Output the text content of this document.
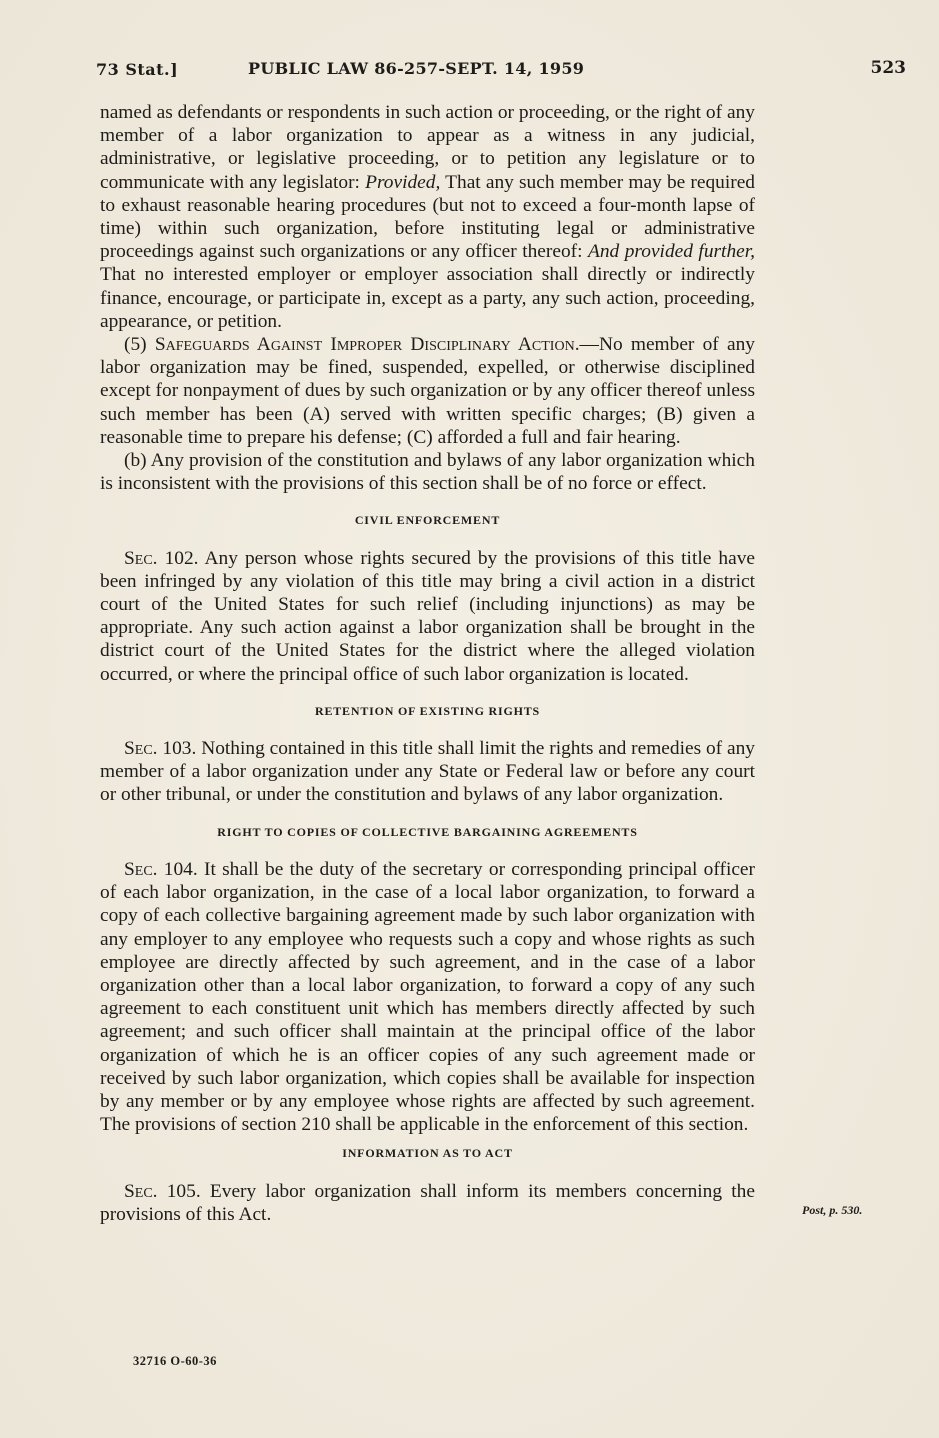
73 Stat.]	PUBLIC LAW 86-257-SEPT. 14, 1959	523

named as defendants or respondents in such action or proceeding, or the right of any member of a labor organization to appear as a witness in any judicial, administrative, or legislative proceeding, or to petition any legislature or to communicate with any legislator: Provided, That any such member may be required to exhaust reasonable hearing procedures (but not to exceed a four-month lapse of time) within such organization, before instituting legal or administrative proceedings against such organizations or any officer thereof: And provided further, That no interested employer or employer association shall directly or indirectly finance, encourage, or participate in, except as a party, any such action, proceeding, appearance, or petition.

(5) Safeguards Against Improper Disciplinary Action.—No member of any labor organization may be fined, suspended, expelled, or otherwise disciplined except for nonpayment of dues by such organization or by any officer thereof unless such member has been (A) served with written specific charges; (B) given a reasonable time to prepare his defense; (C) afforded a full and fair hearing.

(b) Any provision of the constitution and bylaws of any labor organization which is inconsistent with the provisions of this section shall be of no force or effect.

CIVIL ENFORCEMENT

Sec. 102. Any person whose rights secured by the provisions of this title have been infringed by any violation of this title may bring a civil action in a district court of the United States for such relief (including injunctions) as may be appropriate. Any such action against a labor organization shall be brought in the district court of the United States for the district where the alleged violation occurred, or where the principal office of such labor organization is located.

RETENTION OF EXISTING RIGHTS

Sec. 103. Nothing contained in this title shall limit the rights and remedies of any member of a labor organization under any State or Federal law or before any court or other tribunal, or under the constitution and bylaws of any labor organization.

RIGHT TO COPIES OF COLLECTIVE BARGAINING AGREEMENTS

Sec. 104. It shall be the duty of the secretary or corresponding principal officer of each labor organization, in the case of a local labor organization, to forward a copy of each collective bargaining agreement made by such labor organization with any employer to any employee who requests such a copy and whose rights as such employee are directly affected by such agreement, and in the case of a labor organization other than a local labor organization, to forward a copy of any such agreement to each constituent unit which has members directly affected by such agreement; and such officer shall maintain at the principal office of the labor organization of which he is an officer copies of any such agreement made or received by such labor organization, which copies shall be available for inspection by any member or by any employee whose rights are affected by such agreement. The provisions of section 210 shall be applicable in the enforcement of this section.

INFORMATION AS TO ACT

Sec. 105. Every labor organization shall inform its members concerning the provisions of this Act.	Post, p. 530.
32716 O-60-36
